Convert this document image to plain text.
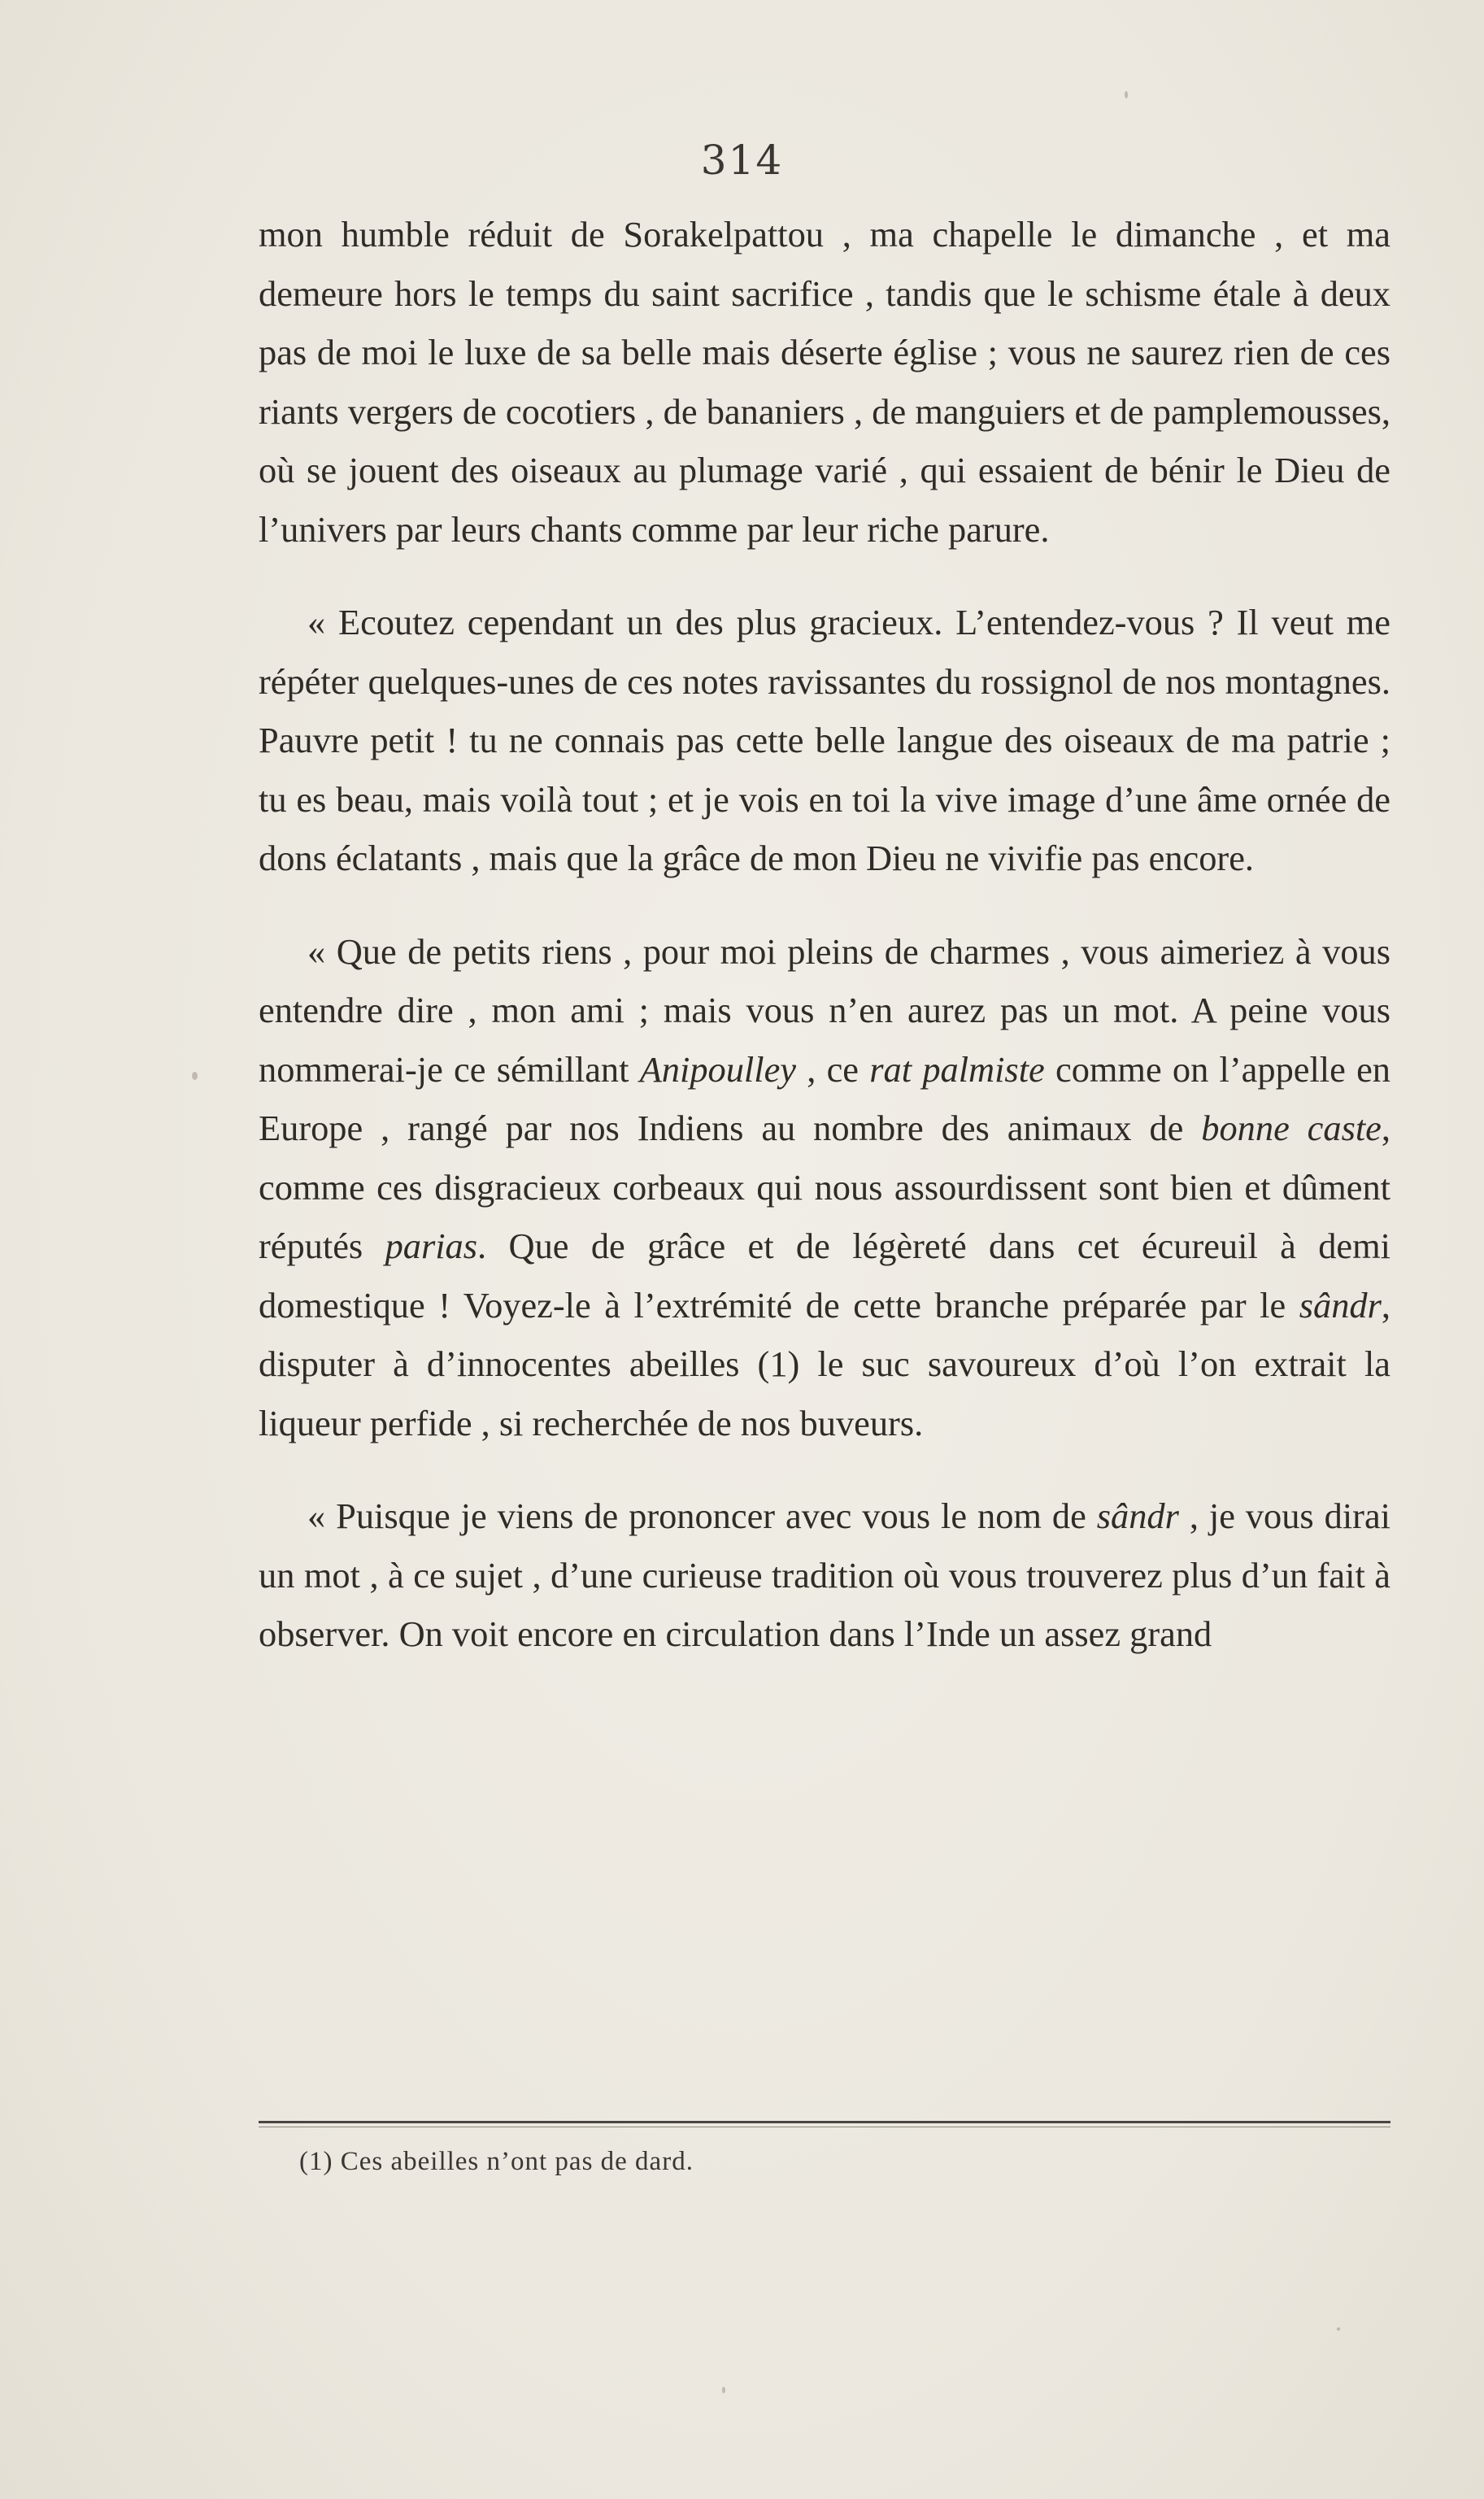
314

mon humble réduit de Sorakelpattou , ma chapelle le dimanche , et ma demeure hors le temps du saint sacrifice , tandis que le schisme étale à deux pas de moi le luxe de sa belle mais déserte église ; vous ne saurez rien de ces riants vergers de cocotiers , de bananiers , de manguiers et de pamplemousses, où se jouent des oiseaux au plumage varié , qui essaient de bénir le Dieu de l’univers par leurs chants comme par leur riche parure.

« Ecoutez cependant un des plus gracieux. L’entendez-vous ? Il veut me répéter quelques-unes de ces notes ravissantes du rossignol de nos montagnes. Pauvre petit ! tu ne connais pas cette belle langue des oiseaux de ma patrie ; tu es beau, mais voilà tout ; et je vois en toi la vive image d’une âme ornée de dons éclatants , mais que la grâce de mon Dieu ne vivifie pas encore.

« Que de petits riens , pour moi pleins de charmes , vous aimeriez à vous entendre dire , mon ami ; mais vous n’en aurez pas un mot. A peine vous nommerai-je ce sémillant Anipoulley , ce rat palmiste comme on l’appelle en Europe , rangé par nos Indiens au nombre des animaux de bonne caste, comme ces disgracieux corbeaux qui nous assourdissent sont bien et dûment réputés parias. Que de grâce et de légèreté dans cet écureuil à demi domestique ! Voyez-le à l’extrémité de cette branche préparée par le sândr, disputer à d’innocentes abeilles (1) le suc savoureux d’où l’on extrait la liqueur perfide , si recherchée de nos buveurs.

« Puisque je viens de prononcer avec vous le nom de sândr , je vous dirai un mot , à ce sujet , d’une curieuse tradition où vous trouverez plus d’un fait à observer. On voit encore en circulation dans l’Inde un assez grand

(1) Ces abeilles n’ont pas de dard.
